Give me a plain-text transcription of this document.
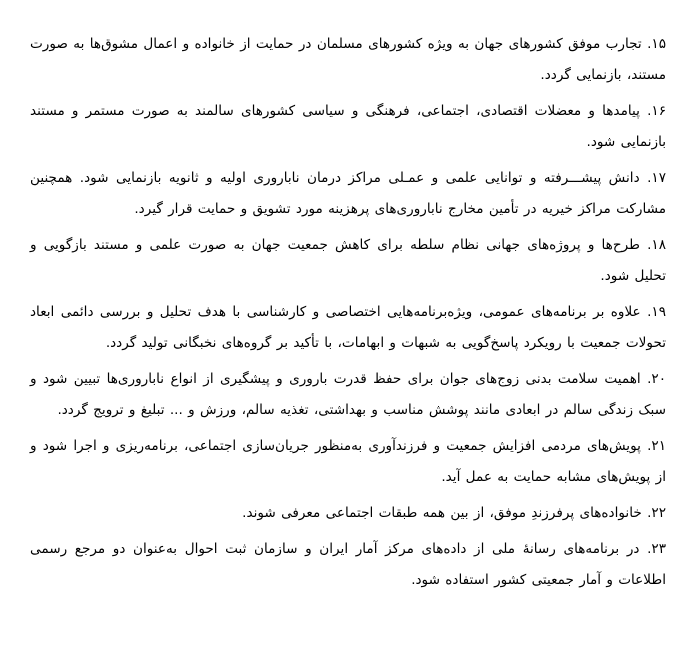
۱۵. تجارب موفق کشورهای جهان به ویژه کشورهای مسلمان در حمایت از خانواده و اعمال مشوق‌ها به صورت مستند، بازنمایی گردد.

۱۶. پیامدها و معضلات اقتصادی، اجتماعی، فرهنگی و سیاسی کشورهای سالمند به صورت مستمر و مستند بازنمایی شود.

۱۷. دانش پیشـــرفته و توانایی علمی و عمـلی مراکز درمان ناباروری اولیه و ثانویه بازنمایی شود. همچنین مشارکت مراکز خیریه در تأمین مخارج ناباروری‌های پرهزینه مورد تشویق و حمایت قرار گیرد.

۱۸. طرح‌ها و پروژه‌های جهانی نظام سلطه برای کاهش جمعیت جهان به صورت علمی و مستند بازگویی و تحلیل شود.

۱۹. علاوه بر برنامه‌های عمومی، ویژه‌برنامه‌هایی اختصاصی و کارشناسی با هدف تحلیل و بررسی دائمی ابعاد تحولات جمعیت با رویکرد پاسخ‌گویی به شبهات و ابهامات، با تأکید بر گروه‌های نخبگانی تولید گردد.

۲۰. اهمیت سلامت بدنی زوج‌های جوان برای حفظ قدرت باروری و پیشگیری از انواع ناباروری‌ها تبیین شود و سبک زندگی سالم در ابعادی مانند پوشش مناسب و بهداشتی، تغذیه سالم، ورزش و ... تبلیغ و ترویج گردد.

۲۱. پویش‌های مردمی افزایش جمعیت و فرزندآوری به‌منظور جریان‌سازی اجتماعی، برنامه‌ریزی و اجرا شود و از پویش‌های مشابه حمایت به عمل آید.

۲۲. خانواده‌های پرفرزندِ موفق، از بین همه طبقات اجتماعی معرفی شوند.

۲۳. در برنامه‌های رسانهٔ ملی از داده‌های مرکز آمار ایران و سازمان ثبت احوال به‌عنوان دو مرجع رسمی اطلاعات و آمار جمعیتی کشور استفاده شود.
